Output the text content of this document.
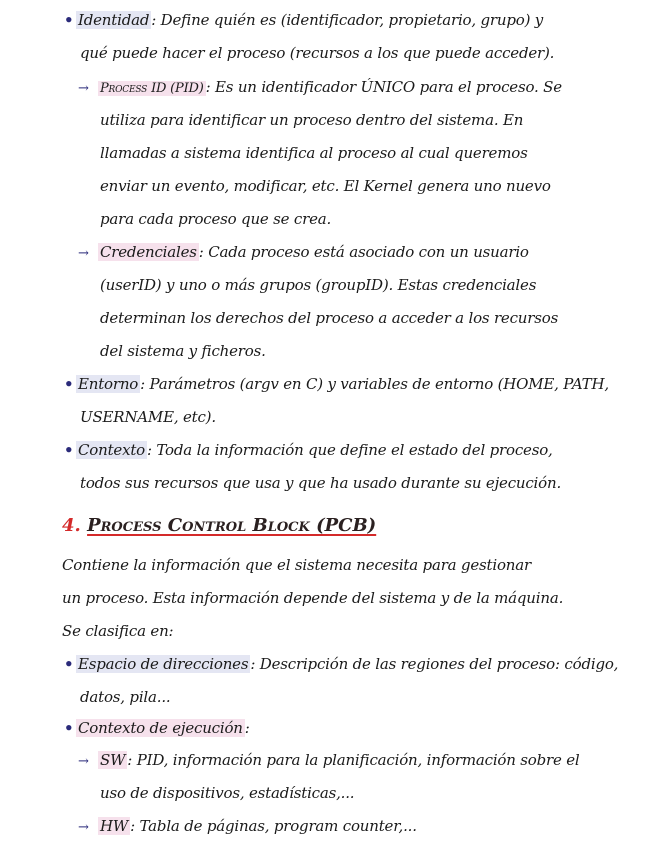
• Identidad : Define quién es (identificador, propietario, grupo) y
qué puede hacer el proceso (recursos a los que puede acceder).
→ Process ID (PID) : Es un identificador ÚNICO para el proceso. Se
utiliza para identificar un proceso dentro del sistema. En
llamadas a sistema identifica al proceso al cual queremos
enviar un evento, modificar, etc. El Kernel genera uno nuevo
para cada proceso que se crea.
→ Credenciales : Cada proceso está asociado con un usuario
(userID) y uno o más grupos (groupID). Estas credenciales
determinan los derechos del proceso a acceder a los recursos
del sistema y ficheros.
• Entorno : Parámetros (argv en C) y variables de entorno (HOME, PATH,
USERNAME, etc).
• Contexto : Toda la información que define el estado del proceso,
todos sus recursos que usa y que ha usado durante su ejecución.
4. Process Control Block (PCB)
Contiene la información que el sistema necesita para gestionar
un proceso. Esta información depende del sistema y de la máquina.
Se clasifica en:
• Espacio de direcciones : Descripción de las regiones del proceso: código,
datos, pila...
• Contexto de ejecución :
→ SW : PID, información para la planificación, información sobre el
uso de dispositivos, estadísticas,...
→ HW : Tabla de páginas, program counter,...
